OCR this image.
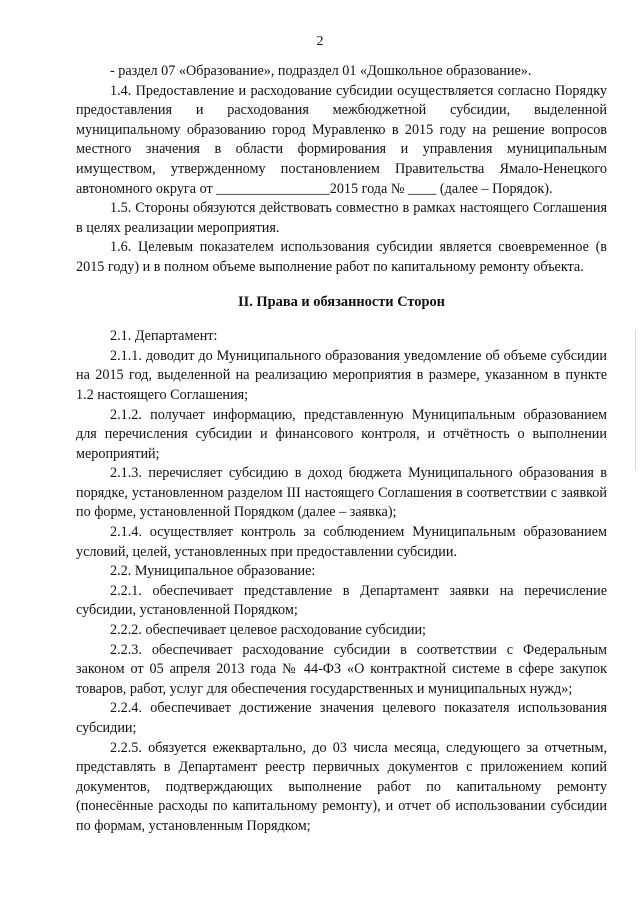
2

- раздел 07 «Образование», подраздел 01 «Дошкольное образование».

1.4. Предоставление и расходование субсидии осуществляется согласно Порядку предоставления и расходования межбюджетной субсидии, выделенной муниципальному образованию город Муравленко в 2015 году на решение вопросов местного значения в области формирования и управления муниципальным имуществом, утвержденному постановлением Правительства Ямало-Ненецкого автономного округа от ________________2015 года № ____ (далее – Порядок).

1.5. Стороны обязуются действовать совместно в рамках настоящего Соглашения в целях реализации мероприятия.

1.6. Целевым показателем использования субсидии является своевременное (в 2015 году) и в полном объеме выполнение работ по капитальному ремонту объекта.

II. Права и обязанности Сторон

2.1. Департамент:

2.1.1. доводит до Муниципального образования уведомление об объеме субсидии на 2015 год, выделенной на реализацию мероприятия в размере, указанном в пункте 1.2 настоящего Соглашения;

2.1.2. получает информацию, представленную Муниципальным образованием для перечисления субсидии и финансового контроля, и отчётность о выполнении мероприятий;

2.1.3. перечисляет субсидию в доход бюджета Муниципального образования в порядке, установленном разделом III настоящего Соглашения в соответствии с заявкой по форме, установленной Порядком (далее – заявка);

2.1.4. осуществляет контроль за соблюдением Муниципальным образованием условий, целей, установленных при предоставлении субсидии.

2.2. Муниципальное образование:

2.2.1. обеспечивает представление в Департамент заявки на перечисление субсидии, установленной Порядком;

2.2.2. обеспечивает целевое расходование субсидии;

2.2.3. обеспечивает расходование субсидии в соответствии с Федеральным законом от 05 апреля 2013 года № 44-ФЗ «О контрактной системе в сфере закупок товаров, работ, услуг для обеспечения государственных и муниципальных нужд»;

2.2.4. обеспечивает достижение значения целевого показателя использования субсидии;

2.2.5. обязуется ежеквартально, до 03 числа месяца, следующего за отчетным, представлять в Департамент реестр первичных документов с приложением копий документов, подтверждающих выполнение работ по капитальному ремонту (понесённые расходы по капитальному ремонту), и отчет об использовании субсидии по формам, установленным Порядком;
